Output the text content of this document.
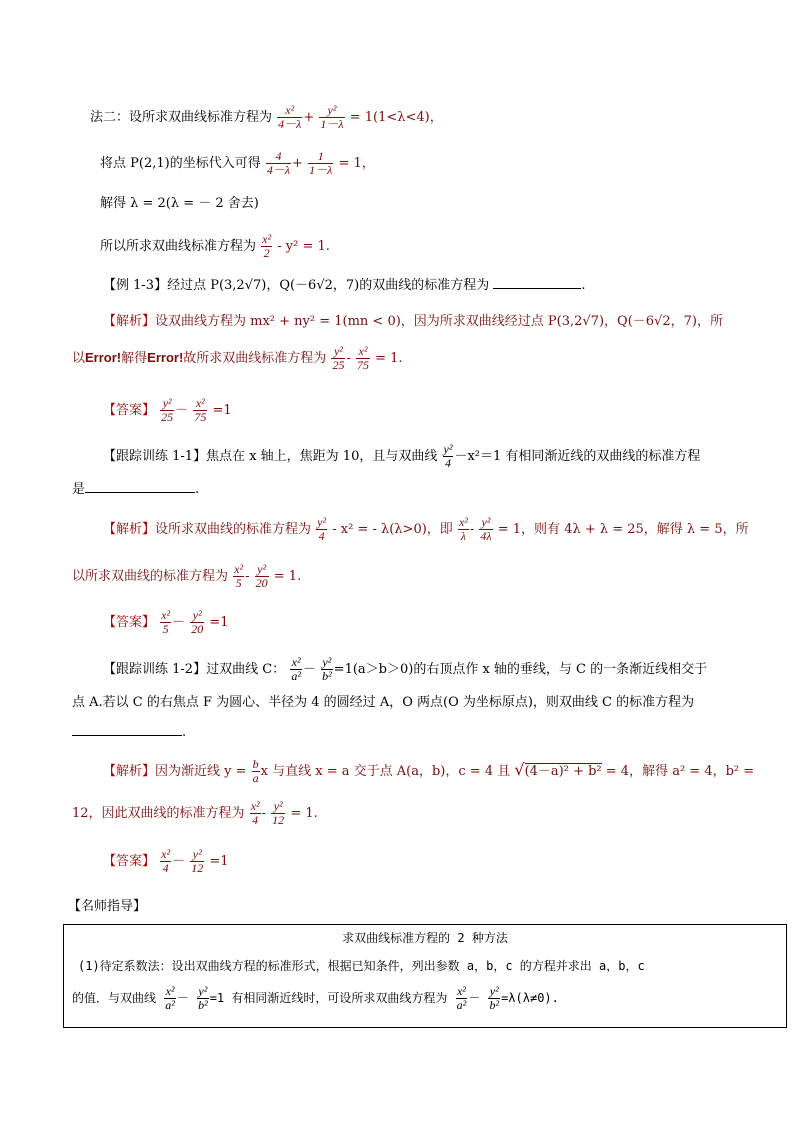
法二：设所求双曲线标准方程为 $\frac{\text{x²}}{4-\lambda} + \frac{\text{y²}}{1-\lambda} = 1(1<\lambda<4)$，
将点 P(2,1)的坐标代入可得 $\frac{4}{4-\lambda} + \frac{1}{1-\lambda} = 1$，
解得 λ = 2(λ = － 2 舍去)
所以所求双曲线标准方程为 $\frac{\text{x²}}{2} - y^2 = 1$.
【例 1-3】经过点 P(3,2√7)，Q(－6√2，7)的双曲线的标准方程为	.
【解析】设双曲线方程为 mx² + ny² = 1(mn < 0)，因为所求双曲线经过点 P(3,2√7)，Q(－6√2，7)，所
以Error!解得Error!故所求双曲线标准方程为 $\frac{\text{y²}}{25} - \frac{\text{x²}}{75} = 1$.
【答案】 $\frac{\text{y²}}{25} - \frac{\text{x²}}{75} =1$
【跟踪训练 1-1】焦点在 x 轴上，焦距为 10，且与双曲线 $\frac{\text{y²}}{4} -x^2=1$ 有相同渐近线的双曲线的标准方程
是	.
【解析】设所求双曲线的标准方程为 $\frac{\text{y²}}{4} - x^2$ = - λ(λ>0)，即 $\frac{\text{x²}}{\lambda} - \frac{\text{y²}}{4\lambda} = 1$，则有 4λ + λ = 25，解得 λ = 5，所
以所求双曲线的标准方程为 $\frac{\text{x²}}{5} - \frac{\text{y²}}{20} = 1$.
【答案】 $\frac{\text{x²}}{5} - \frac{\text{y²}}{20} =1$
【跟踪训练 1-2】过双曲线 C： $\frac{\text{x²}}{\text{a²}} - \frac{\text{y²}}{\text{b²}} =1(a>b>0)$的右顶点作 x 轴的垂线，与 C 的一条渐近线相交于
点 A.若以 C 的右焦点 F 为圆心、半径为 4 的圆经过 A，O 两点(O 为坐标原点)，则双曲线 C 的标准方程为
.
【解析】因为渐近线 $y = \frac{b}{a}$ x 与直线 x = a 交于点 A(a，b)，c = 4 且 √(4－a)² + b² = 4，解得 a² = 4，b² =
12，因此双曲线的标准方程为 $\frac{\text{x²}}{4} - \frac{\text{y²}}{12} = 1$.
【答案】 $\frac{\text{x²}}{4} - \frac{\text{y²}}{12} =1$
【名师指导】
求双曲线标准方程的 2 种方法
(1)待定系数法：设出双曲线方程的标准形式，根据已知条件，列出参数 a，b，c 的方程并求出 a，b，c
的值．与双曲线 $\frac{\text{x²}}{\text{a²}} - \frac{\text{y²}}{\text{b²}} =1$ 有相同渐近线时，可设所求双曲线方程为 $\frac{\text{x²}}{\text{a²}} - \frac{\text{y²}}{\text{b²}} =\lambda(\lambda\ne 0)$.
